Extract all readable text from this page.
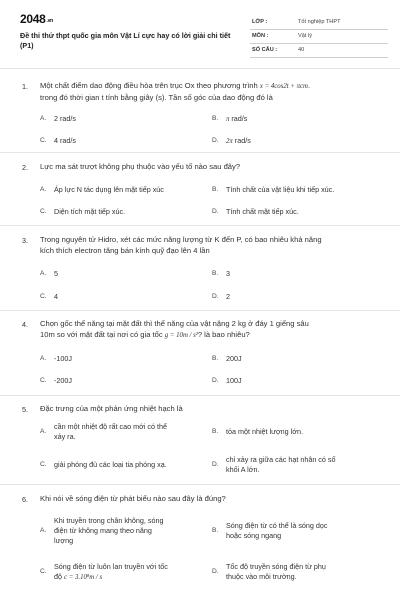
$2048^{.vn}$
Đề thi thử thpt quốc gia môn Vật Lí cực hay có lời giải chi tiết (P1)
LỚP :	Tốt nghiệp THPT
MÔN :	Vật lý
SỐ CÂU :	40
1. Một chất điểm dao động điều hòa trên trục Ox theo phương trình x = 4cos2t + πcm.
trong đó thời gian t tính bằng giây (s). Tần số góc của dao động đó là
A. 2 rad/s	B. π rad/s
C. 4 rad/s	D. 2π rad/s
2. Lực ma sát trượt không phụ thuộc vào yếu tố nào sau đây?
A. Áp lực N tác dụng lên mặt tiếp xúc	B. Tính chất của vật liệu khi tiếp xúc.
C. Diện tích mặt tiếp xúc.	D. Tính chất mặt tiếp xúc.
3. Trong nguyên tử Hidro, xét các mức năng lượng từ K đến P, có bao nhiêu khả năng
kích thích electron tăng bán kính quỹ đạo lên 4 lần
A. 5	B. 3
C. 4	D. 2
4. Chọn gốc thế năng tại mặt đất thì thế năng của vật nặng 2 kg ở đáy 1 giếng sâu
10m so với mặt đất tại nơi có gia tốc g = 10m / s²? là bao nhiêu?
A. -100J	B. 200J
C. -200J	D. 100J
5. Đặc trưng của một phản ứng nhiệt hạch là
A.
cần một nhiệt độ rất cao mới có thể
xảy ra.
B. tỏa một nhiệt lượng lớn.
C. giải phóng đủ các loại tia phóng xạ.	D.
chỉ xảy ra giữa các hạt nhân có số
khối A lớn.
6. Khi nói về sóng điện từ phát biểu nào sau đây là đúng?
A.
Khi truyền trong chân không, sóng
điện từ không mang theo năng
lượng
B.
Sóng điện từ có thể là sóng dọc
hoặc sóng ngang
C.
Sóng điện từ luôn lan truyền với tốc
độ c = 3.10⁸m / s
D.
Tốc độ truyền sóng điện từ phụ
thuộc vào môi trường.
